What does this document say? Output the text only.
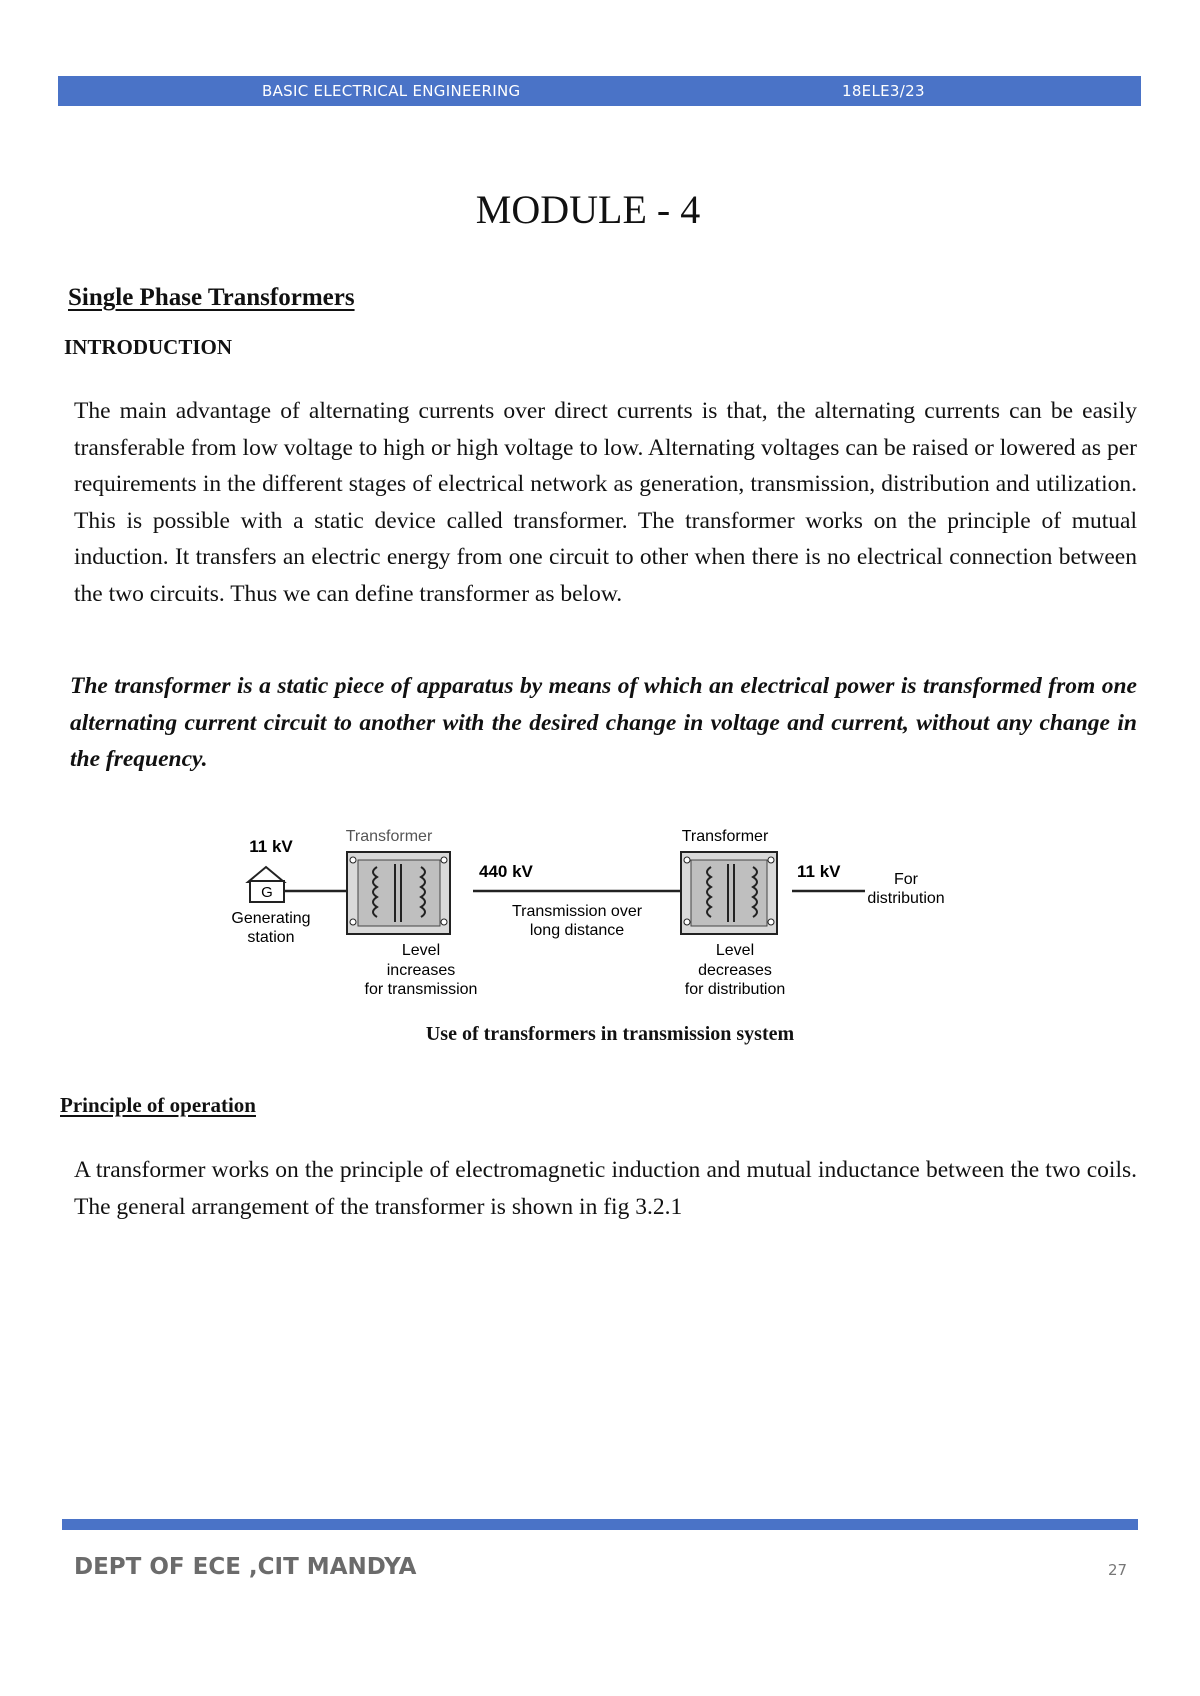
BASIC ELECTRICAL ENGINEERING	18ELE3/23
MODULE - 4
Single Phase Transformers
INTRODUCTION
The main advantage of alternating currents over direct currents is that, the alternating currents can be easily transferable from low voltage to high or high voltage to low. Alternating voltages can be raised or lowered as per requirements in the different stages of electrical network as generation, transmission, distribution and utilization. This is possible with a static device called transformer. The transformer works on the principle of mutual induction. It transfers an electric energy from one circuit to other when there is no electrical connection between the two circuits. Thus we can define transformer as below.
The transformer is a static piece of apparatus by means of which an electrical power is transformed from one alternating current circuit to another with the desired change in voltage and current, without any change in the frequency.
G
11 kV
Generating
station
Transformer
440 kV
Level
increases
for transmission
Transmission over
long distance
Transformer
11 kV
Level
decreases
for distribution
For
distribution
Use of transformers in transmission system
Principle of operation
A transformer works on the principle of electromagnetic induction and mutual inductance between the two coils. The general arrangement of the transformer is shown in fig 3.2.1
DEPT OF ECE ,CIT MANDYA	27
